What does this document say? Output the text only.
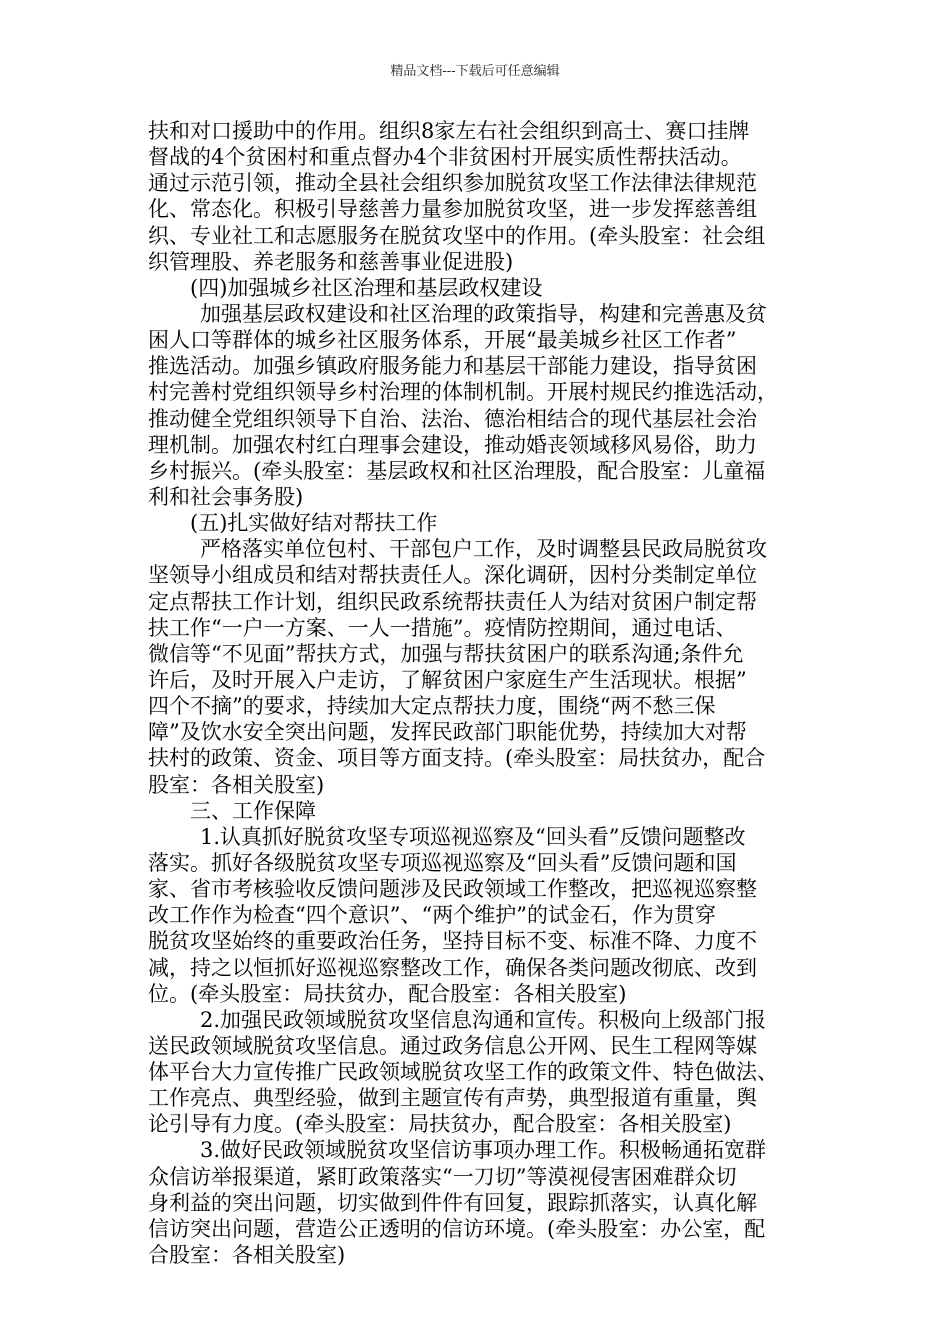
精品文档---下载后可任意编辑
扶和对口援助中的作用。组织8家左右社会组织到高士、赛口挂牌
督战的4个贫困村和重点督办4个非贫困村开展实质性帮扶活动。
通过示范引领，推动全县社会组织参加脱贫攻坚工作法律法律规范
化、常态化。积极引导慈善力量参加脱贫攻坚，进一步发挥慈善组
织、专业社工和志愿服务在脱贫攻坚中的作用。(牵头股室：社会组
织管理股、养老服务和慈善事业促进股)
(四)加强城乡社区治理和基层政权建设
加强基层政权建设和社区治理的政策指导，构建和完善惠及贫
困人口等群体的城乡社区服务体系，开展“最美城乡社区工作者”
推选活动。加强乡镇政府服务能力和基层干部能力建设，指导贫困
村完善村党组织领导乡村治理的体制机制。开展村规民约推选活动，
推动健全党组织领导下自治、法治、德治相结合的现代基层社会治
理机制。加强农村红白理事会建设，推动婚丧领域移风易俗，助力
乡村振兴。(牵头股室：基层政权和社区治理股，配合股室：儿童福
利和社会事务股)
(五)扎实做好结对帮扶工作
严格落实单位包村、干部包户工作，及时调整县民政局脱贫攻
坚领导小组成员和结对帮扶责任人。深化调研，因村分类制定单位
定点帮扶工作计划，组织民政系统帮扶责任人为结对贫困户制定帮
扶工作“一户一方案、一人一措施”。疫情防控期间，通过电话、
微信等“不见面”帮扶方式，加强与帮扶贫困户的联系沟通;条件允
许后，及时开展入户走访，了解贫困户家庭生产生活现状。根据”
四个不摘”的要求，持续加大定点帮扶力度，围绕“两不愁三保
障”及饮水安全突出问题，发挥民政部门职能优势，持续加大对帮
扶村的政策、资金、项目等方面支持。(牵头股室：局扶贫办，配合
股室：各相关股室)
三、工作保障
1.认真抓好脱贫攻坚专项巡视巡察及“回头看”反馈问题整改
落实。抓好各级脱贫攻坚专项巡视巡察及“回头看”反馈问题和国
家、省市考核验收反馈问题涉及民政领域工作整改，把巡视巡察整
改工作作为检查“四个意识”、“两个维护”的试金石，作为贯穿
脱贫攻坚始终的重要政治任务，坚持目标不变、标准不降、力度不
减，持之以恒抓好巡视巡察整改工作，确保各类问题改彻底、改到
位。(牵头股室：局扶贫办，配合股室：各相关股室)
2.加强民政领域脱贫攻坚信息沟通和宣传。积极向上级部门报
送民政领域脱贫攻坚信息。通过政务信息公开网、民生工程网等媒
体平台大力宣传推广民政领域脱贫攻坚工作的政策文件、特色做法、
工作亮点、典型经验，做到主题宣传有声势，典型报道有重量，舆
论引导有力度。(牵头股室：局扶贫办，配合股室：各相关股室)
3.做好民政领域脱贫攻坚信访事项办理工作。积极畅通拓宽群
众信访举报渠道，紧盯政策落实“一刀切”等漠视侵害困难群众切
身利益的突出问题，切实做到件件有回复，跟踪抓落实，认真化解
信访突出问题，营造公正透明的信访环境。(牵头股室：办公室，配
合股室：各相关股室)
